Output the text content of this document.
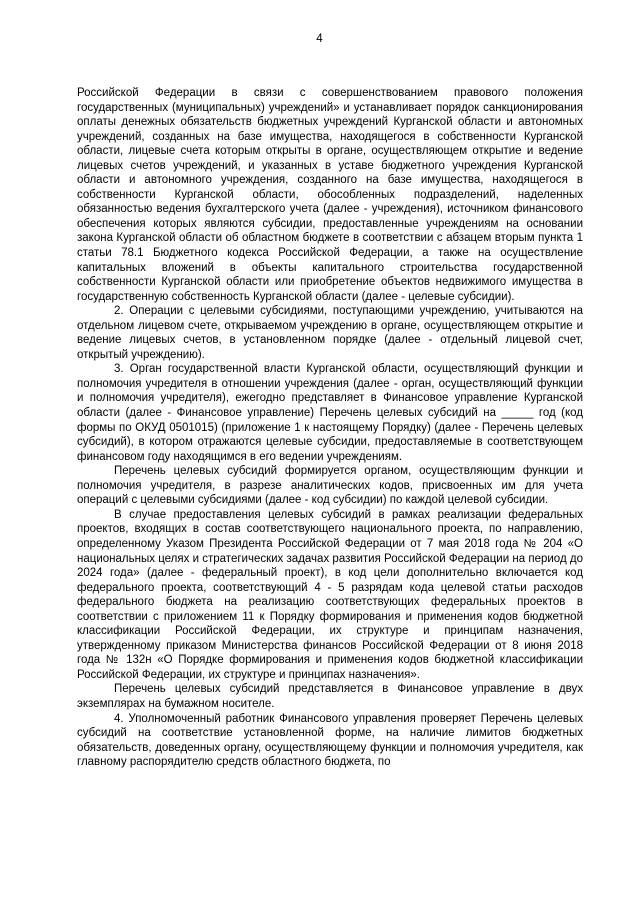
4

Российской Федерации в связи с совершенствованием правового положения государственных (муниципальных) учреждений» и устанавливает порядок санкционирования оплаты денежных обязательств бюджетных учреждений Курганской области и автономных учреждений, созданных на базе имущества, находящегося в собственности Курганской области, лицевые счета которым открыты в органе, осуществляющем открытие и ведение лицевых счетов учреждений, и указанных в уставе бюджетного учреждения Курганской области и автономного учреждения, созданного на базе имущества, находящегося в собственности Курганской области, обособленных подразделений, наделенных обязанностью ведения бухгалтерского учета (далее - учреждения), источником финансового обеспечения которых являются субсидии, предоставленные учреждениям на основании закона Курганской области об областном бюджете в соответствии с абзацем вторым пункта 1 статьи 78.1 Бюджетного кодекса Российской Федерации, а также на осуществление капитальных вложений в объекты капитального строительства государственной собственности Курганской области или приобретение объектов недвижимого имущества в государственную собственность Курганской области (далее - целевые субсидии).

2. Операции с целевыми субсидиями, поступающими учреждению, учитываются на отдельном лицевом счете, открываемом учреждению в органе, осуществляющем открытие и ведение лицевых счетов, в установленном порядке (далее - отдельный лицевой счет, открытый учреждению).

3. Орган государственной власти Курганской области, осуществляющий функции и полномочия учредителя в отношении учреждения (далее - орган, осуществляющий функции и полномочия учредителя), ежегодно представляет в Финансовое управление Курганской области (далее - Финансовое управление) Перечень целевых субсидий на _____ год (код формы по ОКУД 0501015) (приложение 1 к настоящему Порядку) (далее - Перечень целевых субсидий), в котором отражаются целевые субсидии, предоставляемые в соответствующем финансовом году находящимся в его ведении учреждениям.

Перечень целевых субсидий формируется органом, осуществляющим функции и полномочия учредителя, в разрезе аналитических кодов, присвоенных им для учета операций с целевыми субсидиями (далее - код субсидии) по каждой целевой субсидии.

В случае предоставления целевых субсидий в рамках реализации федеральных проектов, входящих в состав соответствующего национального проекта, по направлению, определенному Указом Президента Российской Федерации от 7 мая 2018 года № 204 «О национальных целях и стратегических задачах развития Российской Федерации на период до 2024 года» (далее - федеральный проект), в код цели дополнительно включается код федерального проекта, соответствующий 4 - 5 разрядам кода целевой статьи расходов федерального бюджета на реализацию соответствующих федеральных проектов в соответствии с приложением 11 к Порядку формирования и применения кодов бюджетной классификации Российской Федерации, их структуре и принципам назначения, утвержденному приказом Министерства финансов Российской Федерации от 8 июня 2018 года № 132н «О Порядке формирования и применения кодов бюджетной классификации Российской Федерации, их структуре и принципах назначения».

Перечень целевых субсидий представляется в Финансовое управление в двух экземплярах на бумажном носителе.

4. Уполномоченный работник Финансового управления проверяет Перечень целевых субсидий на соответствие установленной форме, на наличие лимитов бюджетных обязательств, доведенных органу, осуществляющему функции и полномочия учредителя, как главному распорядителю средств областного бюджета, по
